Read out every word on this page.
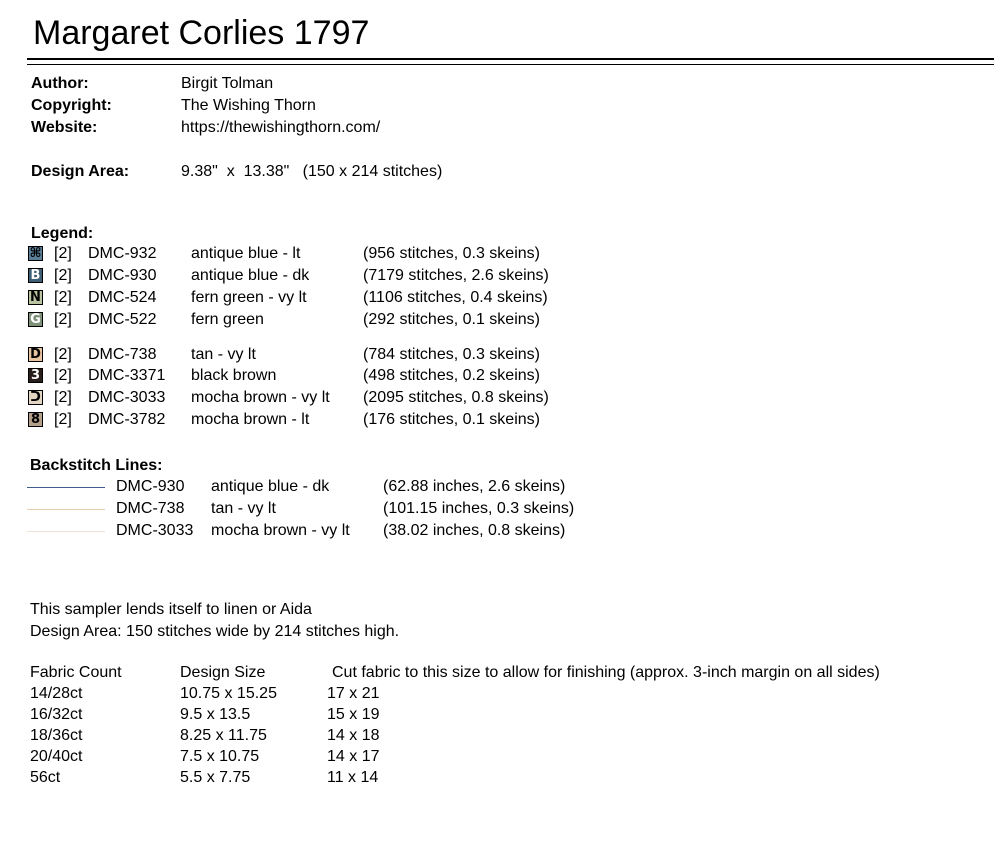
Margaret Corlies 1797
Author:	Birgit Tolman
Copyright:	The Wishing Thorn
Website:	https://thewishingthorn.com/
Design Area:	9.38"  x  13.38"   (150 x 214 stitches)
Legend:
⌘ [2] DMC-932 antique blue - lt	(956 stitches, 0.3 skeins)
B [2] DMC-930 antique blue - dk	(7179 stitches, 2.6 skeins)
N [2] DMC-524 fern green - vy lt	(1106 stitches, 0.4 skeins)
G [2] DMC-522 fern green	(292 stitches, 0.1 skeins)
D [2] DMC-738 tan - vy lt	(784 stitches, 0.3 skeins)
3 [2] DMC-3371 black brown	(498 stitches, 0.2 skeins)
ᑐ [2] DMC-3033 mocha brown - vy lt (2095 stitches, 0.8 skeins)
8 [2] DMC-3782 mocha brown - lt	(176 stitches, 0.1 skeins)
Backstitch Lines:
DMC-930 antique blue - dk	(62.88 inches, 2.6 skeins)
DMC-738 tan - vy lt	(101.15 inches, 0.3 skeins)
DMC-3033 mocha brown - vy lt (38.02 inches, 0.8 skeins)
This sampler lends itself to linen or Aida
Design Area: 150 stitches wide by 214 stitches high.
Fabric Count	Design Size	Cut fabric to this size to allow for finishing (approx. 3-inch margin on all sides)
14/28ct	10.75 x 15.25	17 x 21
16/32ct	9.5 x 13.5	15 x 19
18/36ct	8.25 x 11.75	14 x 18
20/40ct	7.5 x 10.75	14 x 17
56ct	5.5 x 7.75	11 x 14
